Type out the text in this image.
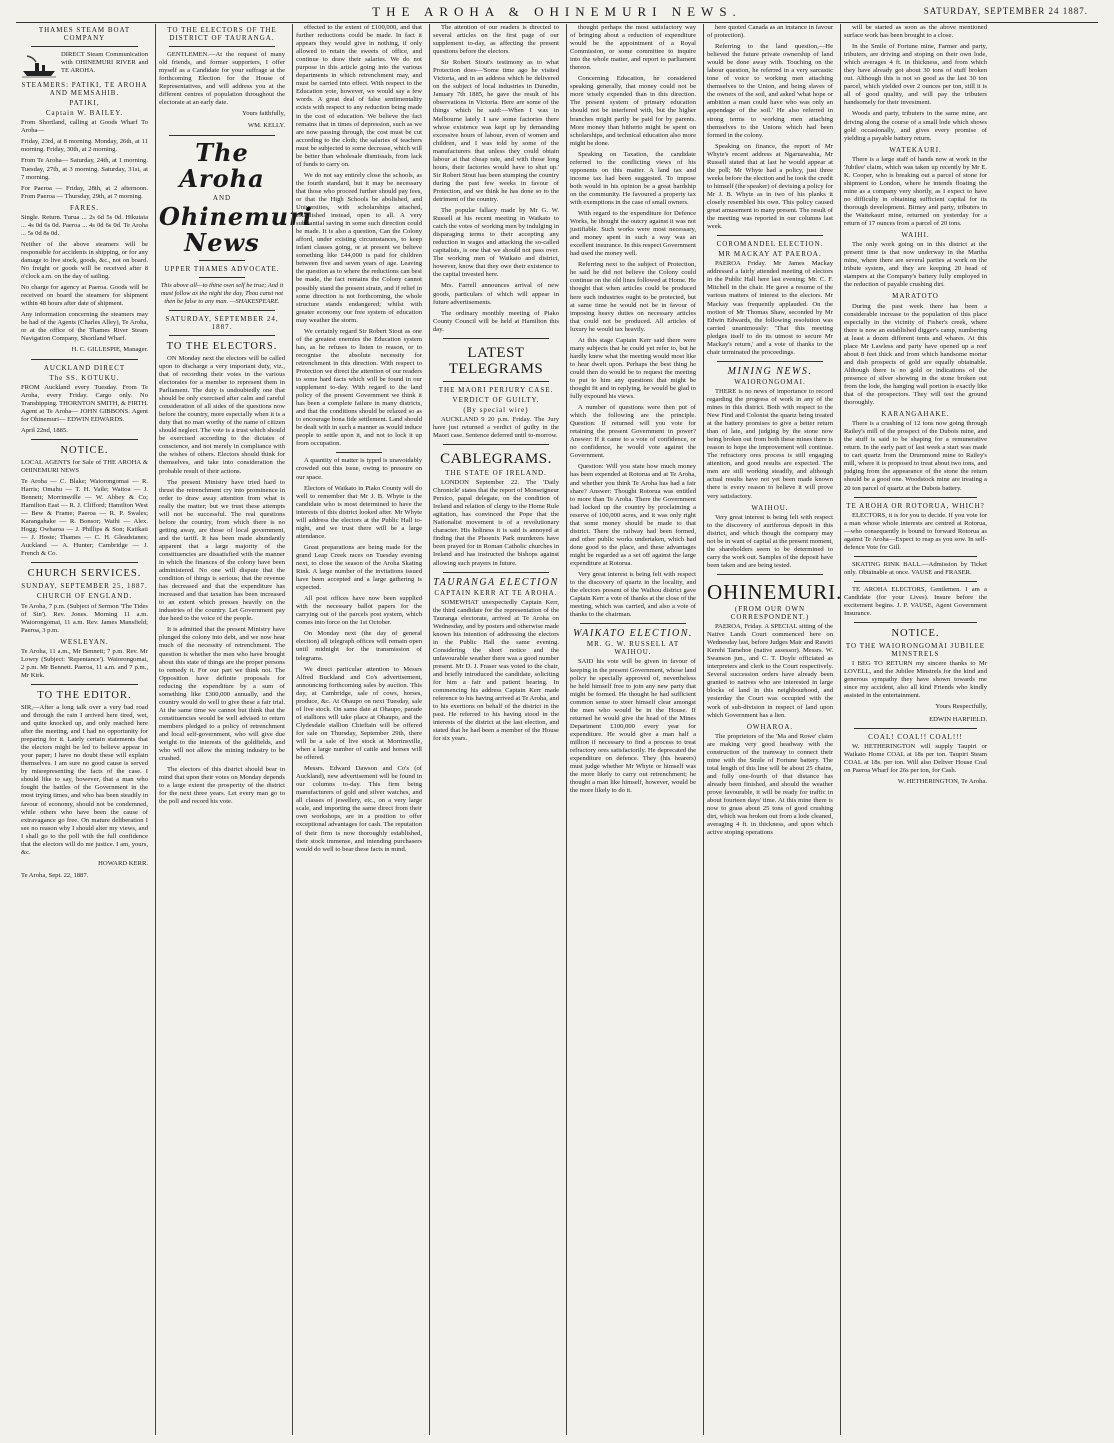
THE AROHA & OHINEMURI NEWS.	SATURDAY, SEPTEMBER 24 1887.
THAMES STEAM BOAT COMPANY

DIRECT Steam Communication with OHINEMURI RIVER and TE AROHA.

STEAMERS: PATIKI, TE AROHA AND MEMSAHIB.
PATIKI,
Captain W. BAILEY.

From Shortland, calling at Goods Wharf To Aroha—

Friday, 23rd, at 8 morning. Monday, 26th, at 11 morning. Friday, 30th, at 2 morning.

From Te Aroha— Saturday, 24th, at 1 morning. Tuesday, 27th, at 3 morning. Saturday, 31st, at 7 morning.

For Paeroa — Friday, 28th, at 2 afternoon. From Paeroa — Thursday, 29th, at 7 morning.

FARES.

Single. Return. Turua ... 2s 6d 5s 0d. Hikutaia ... 4s 0d 6s 0d. Paeroa ... 4s 0d 6s 0d. Te Aroha ... 5s 0d 8s 0d.

Neither of the above steamers will be responsible for accidents in shipping, or for any damage to live stock, goods, &c., not on board. No freight or goods will be received after 8 o'clock a.m. on the day of sailing.

No charge for agency at Paeroa. Goods will be received on board the steamers for shipment within 48 hours after date of shipment.

Any information concerning the steamers may be had of the Agents (Charles Alley), Te Aroha, or at the office of the Thames River Steam Navigation Company, Shortland Wharf.

H. C. GILLESPIE, Manager.
AUCKLAND DIRECT
The SS. KOTUKU.

FROM Auckland every Tuesday. From Te Aroha, every Friday. Cargo only. No Transhipping. THORNTON SMITH, & FIRTH. Agent at Te Aroha— JOHN GIBBONS. Agent for Ohinemuri— EDWIN EDWARDS.

April 22nd, 1885.

NOTICE.

LOCAL AGENTS for Sale of THE AROHA & OHINEMURI NEWS

Te Aroha — C. Blake; Waiorongomai — R. Harris; Omahu — T. H. Vaile; Waitoa — J. Bennett; Morrinsville — W. Abbey & Co; Hamilton East — R. J. Clifford; Hamilton West — Bew & Frame; Paeroa — R. P. Swales; Karangahake — R. Bonsor; Waihi — Alex. Hogg; Owharoa — J. Phillips & Son; Katikati — J. Hoste; Thames — C. H. Gleadstanes; Auckland — A. Hunter; Cambridge — J. French & Co.

CHURCH SERVICES.
SUNDAY, SEPTEMBER 25, 1887.
CHURCH OF ENGLAND.

Te Aroha, 7 p.m. (Subject of Sermon 'The Tides of Sin'). Rev. Jones. Morning 11 a.m. Waiorongomai, 11 a.m. Rev. James Mansfield; Paeroa, 3 p.m.

WESLEYAN.

Te Aroha, 11 a.m., Mr Bennett; 7 p.m. Rev. Mr Lowry (Subject: 'Repentance'). Waiorongomai, 2 p.m. Mr Bennett. Paeroa, 11 a.m. and 7 p.m., Mr Kirk.

TO THE EDITOR.

SIR,—After a long talk over a very bad road and through the rain I arrived here tired, wet, and quite knocked up, and only reached here after the meeting, and I had no opportunity for preparing for it. Lately certain statements that the electors might be led to believe appear in your paper; I have no doubt these will explain themselves. I am sure no good cause is served by misrepresenting the facts of the case. I should like to say, however, that a man who fought the battles of the Government in the most trying times, and who has been steadily in favour of economy, should not be condemned, while others who have been the cause of extravagance go free. On mature deliberation I see no reason why I should alter my views, and I shall go to the poll with the full confidence that the electors will do me justice. I am, yours, &c.

HOWARD KERR.

Te Aroha, Sept. 22, 1887.

TO THE ELECTORS OF THE DISTRICT OF TAURANGA.

GENTLEMEN.—At the request of many old friends, and former supporters, I offer myself as a Candidate for your suffrage at the forthcoming Election for the House of Representatives, and will address you at the different centres of population throughout the electorate at an early date.

Yours faithfully,
WM. KELLY.
The Aroha
AND
Ohinemuri News
UPPER THAMES ADVOCATE.
This above all—to thine own self be true; And it must follow as the night the day, Thou canst not then be false to any man. —SHAKESPEARE.
SATURDAY, SEPTEMBER 24, 1887.
TO THE ELECTORS.

ON Monday next the electors will be called upon to discharge a very important duty, viz., that of recording their votes in the various electorates for a member to represent them in Parliament. The duty is undoubtedly one that should be only exercised after calm and careful consideration of all sides of the questions now before the country, more especially when it is a duty that no man worthy of the name of citizen should neglect. The vote is a trust which should be exercised according to the dictates of conscience, and not merely in compliance with the wishes of others. Electors should think for themselves, and take into consideration the probable result of their actions.

The present Ministry have tried hard to thrust the retrenchment cry into prominence in order to draw away attention from what is really the matter; but we trust these attempts will not be successful. The real questions before the country, from which there is no getting away, are those of local government, and the tariff. It has been made abundantly apparent that a large majority of the constituencies are dissatisfied with the manner in which the finances of the colony have been administered. No one will dispute that the condition of things is serious; that the revenue has decreased and that the expenditure has increased and that taxation has been increased to an extent which presses heavily on the industries of the country. Let Government pay due heed to the voice of the people.

It is admitted that the present Ministry have plunged the colony into debt, and we now hear much of the necessity of retrenchment. The question is whether the men who have brought about this state of things are the proper persons to remedy it. For our part we think not. The Opposition have definite proposals for reducing the expenditure by a sum of something like £300,000 annually, and the country would do well to give these a fair trial. At the same time we cannot but think that the constituencies would be well advised to return members pledged to a policy of retrenchment and local self-government, who will give due weight to the interests of the goldfields, and who will not allow the mining industry to be crushed.

The electors of this district should bear in mind that upon their votes on Monday depends to a large extent the prosperity of the district for the next three years. Let every man go to the poll and record his vote.

effected to the extent of £100,000, and that further reductions could be made. In fact it appears they would give in nothing, if only allowed to retain the sweets of office, and continue to draw their salaries. We do not purpose in this article going into the various departments in which retrenchment may, and must be carried into effect. With respect to the Education vote, however, we would say a few words. A great deal of false sentimentality exists with respect to any reduction being made in the cost of education. We believe the fact remains that in times of depression, such as we are now passing through, the cost must be cut according to the cloth; the salaries of teachers must be subjected to some decrease, which will be better than wholesale dismissals, from lack of funds to carry on.

We do not say entirely close the schools, as the fourth standard, but it may be necessary that those who proceed further should pay fees, or that the High Schools be abolished, and Universities, with scholarships attached, established instead, open to all. A very substantial saving in some such direction could be made. It is also a question, Can the Colony afford, under existing circumstances, to keep infant classes going, or at present we believe something like £44,000 is paid for children between five and seven years of age. Leaving the question as to where the reductions can best be made, the fact remains the Colony cannot possibly stand the present strain, and if relief in some direction is not forthcoming, the whole structure stands endangered; whilst with greater economy our free system of education may weather the storm.

We certainly regard Sir Robert Stout as one of the greatest enemies the Education system has, as he refuses to listen to reason, or to recognise the absolute necessity for retrenchment in this direction. With respect to Protection we direct the attention of our readers to some hard facts which will be found in our supplement to-day. With regard to the land policy of the present Government we think it has been a complete failure in many districts, and that the conditions should be relaxed so as to encourage bona fide settlement. Land should be dealt with in such a manner as would induce people to settle upon it, and not to lock it up from occupation.

A quantity of matter is typed is unavoidably crowded out this issue, owing to pressure on our space.

Electors of Waikato in Piako County will do well to remember that Mr J. B. Whyte is the candidate who is most determined to have the interests of this district looked after. Mr Whyte will address the electors at the Public Hall to-night, and we trust there will be a large attendance.

Great preparations are being made for the grand Leap Creek races on Tuesday evening next, to close the season of the Aroha Skating Rink. A large number of the invitations issued have been accepted and a large gathering is expected.

All post offices have now been supplied with the necessary ballot papers for the carrying out of the parcels post system, which comes into force on the 1st October.

On Monday next (the day of general election) all telegraph offices will remain open until midnight for the transmission of telegrams.

We direct particular attention to Messrs Alfred Buckland and Co's advertisement, announcing forthcoming sales by auction. This day, at Cambridge, sale of cows, horses, produce, &c. At Ohaupo on next Tuesday, sale of live stock. On same date at Ohaupo, parade of stallions will take place at Ohaupo, and the Clydesdale stallion Chieftain will be offered for sale on Thursday, September 29th, there will be a sale of live stock at Morrinsville, when a large number of cattle and horses will be offered.

Messrs. Edward Dawson and Co's (of Auckland), new advertisement will be found in our columns to-day. This firm being manufacturers of gold and silver watches, and all classes of jewellery, etc., on a very large scale, and importing the same direct from their own workshops, are in a position to offer exceptional advantages for cash. The reputation of their firm is now thoroughly established, their stock immense, and intending purchasers would do well to bear these facts in mind.

The attention of our readers is directed to several articles on the first page of our supplement to-day, as affecting the present questions before the electors.

Sir Robert Stout's testimony as to what Protection does—'Some time ago he visited Victoria, and in an address which he delivered on the subject of local industries in Dunedin, January 7th 1885, he gave the result of his observations in Victoria. Here are some of the things which he said:—When I was in Melbourne lately I saw some factories there whose existence was kept up by demanding excessive hours of labour, even of women and children, and I was told by some of the manufacturers that unless they could obtain labour at that cheap rate, and with those long hours, their factories would have to shut up.' Sir Robert Stout has been stumping the country during the past few weeks in favour of Protection, and we think he has done so to the detriment of the country.

The popular fallacy made by Mr G. W. Russell at his recent meeting in Waikato to catch the votes of working men by indulging in disparaging terms to their accepting any reduction in wages and attacking the so-called capitalists, is one that we should not pass over. The working men of Waikato and district, however, know that they owe their existence to the capital invested here.

Mrs. Farrell announces arrival of new goods, particulars of which will appear in future advertisements.

The ordinary monthly meeting of Piako County Council will be held at Hamilton this day.

LATEST TELEGRAMS
THE MAORI PERJURY CASE.
VERDICT OF GUILTY.
(By special wire)

AUCKLAND 9 20 p.m. Friday. The Jury have just returned a verdict of guilty in the Maori case. Sentence deferred until to-morrow.

CABLEGRAMS.
THE STATE OF IRELAND.

LONDON September 22. The 'Daily Chronicle' states that the report of Monseigneur Persico, papal delegate, on the condition of Ireland and relation of clergy to the Home Rule agitation, has convinced the Pope that the Nationalist movement is of a revolutionary character. His holiness it is said is annoyed at finding that the Phoenix Park murderers have been prayed for in Roman Catholic churches in Ireland and has instructed the bishops against allowing such prayers in future.

TAURANGA ELECTION
CAPTAIN KERR AT TE AROHA.

SOMEWHAT unexpectedly Captain Kerr, the third candidate for the representation of the Tauranga electorate, arrived at Te Aroha on Wednesday, and by posters and otherwise made known his intention of addressing the electors in the Public Hall the same evening. Considering the short notice and the unfavourable weather there was a good number present. Mr D. J. Fraser was voted to the chair, and briefly introduced the candidate, soliciting for him a fair and patient hearing. In commencing his address Captain Kerr made reference to his having arrived at Te Aroha, and to his exertions on behalf of the district in the past. He referred to his having stood in the interests of the district at the last election, and stated that he had been a member of the House for six years.

thought perhaps the most satisfactory way of bringing about a reduction of expenditure would be the appointment of a Royal Commission, or some committee to inquire into the whole matter, and report to parliament thereon.

Concerning Education, he considered speaking generally, that money could not be more wisely expended than in this direction. The present system of primary education should not be interfered with, but the higher branches might partly be paid for by parents. More money than hitherto might be spent on scholarships, and technical education also more might be done.

Speaking on Taxation, the candidate referred to the conflicting views of his opponents on this matter. A land tax and income tax had been suggested. To impose both would in his opinion be a great hardship on the community. He favoured a property tax with exemptions in the case of small owners.

With regard to the expenditure for Defence Works, he thought the outcry against it was not justifiable. Such works were most necessary, and money spent in such a way was an excellent insurance. In this respect Government had used the money well.

Referring next to the subject of Protection, he said he did not believe the Colony could continue on the old lines followed at Home. He thought that when articles could be produced here such industries ought to be protected, but at same time he would not be in favour of imposing heavy duties on necessary articles that could not be produced. All articles of luxury he would tax heavily.

At this stage Captain Kerr said there were many subjects that he could yet refer to, but he hardly knew what the meeting would most like to hear dwelt upon. Perhaps the best thing he could then do would be to request the meeting to put to him any questions that might be thought fit and in replying, he would be glad to fully expound his views.

A number of questions were then put of which the following are the principle. Question: If returned will you vote for retaining the present Government in power? Answer: If it came to a vote of confidence, or no confidence, he would vote against the Government.

Question: Will you state how much money has been expended at Rotorua and at Te Aroha, and whether you think Te Aroha has had a fair share? Answer: Thought Rotorua was entitled to more than Te Aroha. There the Government had locked up the country by proclaiming a reserve of 100,000 acres, and it was only right that some money should be made to that district. There the railway had been formed, and other public works undertaken, which had done good to the place, and these advantages might be regarded as a set off against the large expenditure at Rotorua.

Very great interest is being felt with respect to the discovery of quartz in the locality, and the electors present of the Waihou district gave Captain Kerr a vote of thanks at the close of the meeting, which was carried, and also a vote of thanks to the chairman.

WAIKATO ELECTION.
MR. G. W. RUSSELL AT WAIHOU.

SAID his vote will be given in favour of keeping in the present Government, whose land policy he specially approved of, nevertheless he held himself free to join any new party that might be formed. He thought he had sufficient common sense to steer himself clear amongst the men who would be in the House. If returned he would give the head of the Mines Department £100,000 every year for expenditure. He would give a man half a million if necessary to find a process to treat refractory ores satisfactorily. He deprecated the expenditure on defence. They (his hearers) must judge whether Mr Whyte or himself was the more likely to carry out retrenchment; he thought a man like himself, however, would be the more likely to do it.

here quoted Canada as an instance in favour of protection).

Referring to the land question,—He believed the future private ownership of land would be done away with. Touching on the labour question, he referred in a very sarcastic tone of voice to working men attaching themselves to the Union, and being slaves of the owners of the soil, and asked 'what hope or ambition a man could have who was only an appendage of the soil.' He also referred in strong terms to working men attaching themselves to the Unions which had been formed in the colony.

Speaking on finance, the report of Mr Whyte's recent address at Ngaruawahia, Mr Russell stated that at last he would appear at the poll; Mr Whyte had a policy, just three weeks before the election and he took the credit to himself (the speaker) of devising a policy for Mr J. B. Whyte as in two of his planks it closely resembled his own. This policy caused great amusement to many present. The result of the meeting was reported in our columns last week.

COROMANDEL ELECTION.
MR MACKAY AT PAEROA.

PAEROA Friday. Mr James Mackay addressed a fairly attended meeting of electors in the Public Hall here last evening; Mr. C. F. Mitchell in the chair. He gave a resume of the various matters of interest to the electors. Mr Mackay was frequently applauded. On the motion of Mr Thomas Shaw, seconded by Mr Edwin Edwards, the following resolution was carried unanimously: 'That this meeting pledges itself to do its utmost to secure Mr Mackay's return,' and a vote of thanks to the chair terminated the proceedings.

MINING NEWS.
WAIORONGOMAI.

THERE is no news of importance to record regarding the progress of work in any of the mines in this district. Both with respect to the New Find and Colonist the quartz being treated at the battery promises to give a better return than of late, and judging by the stone now being broken out from both these mines there is reason to hope the improvement will continue. The refractory ores process is still engaging attention, and good results are expected. The men are still working steadily, and although actual results have not yet been made known there is every reason to believe it will prove very satisfactory.

WAIHOU.

Very great interest is being felt with respect to the discovery of auriferous deposit in this district, and which though the company may not be in want of capital at the present moment, the shareholders seem to be determined to carry the work out. Samples of the deposit have been taken and are being tested.

OHINEMURI.
(FROM OUR OWN CORRESPONDENT.)

PAEROA, Friday. A SPECIAL sitting of the Native Lands Court commenced here on Wednesday last, before Judges Mair and Rawiri Kerehi Tamehoe (native assessor). Messrs. W. Swanson jun., and C. T. Doyle officiated as interpreters and clerk to the Court respectively. Several succession orders have already been granted to natives who are interested in large blocks of land in this neighbourhood, and yesterday the Court was occupied with the work of sub-division in respect of land upon which Government has a lien.

OWHAROA.

The proprietors of the 'Ma and Rowe' claim are making very good headway with the construction of the tramway to connect their mine with the Smile of Fortune battery. The total length of this line will be about 25 chains, and fully one-fourth of that distance has already been finished, and should the weather prove favourable, it will be ready for traffic in about fourteen days' time. At this mine there is now to grass about 25 tons of good crushing dirt, which was broken out from a lode cleaned, averaging 4 ft. in thickness, and upon which active stoping operations

will be started as soon as the above mentioned surface work has been brought to a close.

In the Smile of Fortune mine, Farmer and party, tributers, are driving and stoping on their own lode, which averages 4 ft. in thickness, and from which they have already got about 30 tons of stuff broken out. Although this is not so good as the last 30 ton parcel, which yielded over 2 ounces per ton, still it is all of good quality, and will pay the tributers handsomely for their investment.

Woods and party, tributers in the same mine, are driving along the course of a small lode which shows gold occasionally, and gives every promise of yielding a payable battery return.

WATEKAURI.

There is a large staff of hands now at work in the 'Jubilee' claim, which was taken up recently by Mr E. K. Cooper, who is breaking out a parcel of stone for shipment to London, where he intends floating the mine as a company very shortly, as I expect to have no difficulty in obtaining sufficient capital for its thorough development. Birney and party, tributers in the Waitekauri mine, returned on yesterday for a return of 17 ounces from a parcel of 20 tons.

WAIHI.

The only work going on in this district at the present time is that now underway in the Martha mine, where there are several parties at work on the tribute system, and they are keeping 20 head of stampers at the Company's battery fully employed in the reduction of payable crushing dirt.

MARATOTO

During the past week there has been a considerable increase to the population of this place especially in the vicinity of Fisher's creek, where there is now an established digger's camp, numbering at least a dozen different tents and whares. At this place Mr Lawless and party have opened up a reef about 8 feet thick and from which handsome mortar and dish prospects of gold are equally obtainable. Although there is no gold or indications of the presence of silver showing in the stone broken out from the lode, the hanging wall portion is exactly like that of the prospectors. They will test the ground thoroughly.

KARANGAHAKE.

There is a crushing of 12 tons now going through Railey's mill of the prospect of the Dubois mine, and the stuff is said to be shaping for a remunerative return. In the early part of last week a start was made to cart quartz from the Drummond mine to Railey's mill, where it is proposed to treat about two tons, and judging from the appearance of the stone the return should be a good one. Woodstock mine are treating a 20 ton parcel of quartz at the Dubois battery.

TE AROHA OR ROTORUA, WHICH?

ELECTORS, it is for you to decide. If you vote for a man whose whole interests are centred at Rotorua,—who consequently is bound to forward Rotorua as against Te Aroha—Expect to reap as you sow. In self-defence Vote for Gill.

SKATING RINK BALL.—Admission by Ticket only. Obtainable at once. VAUSE and FRASER.

TE AROHA ELECTORS, Gentlemen. I am a Candidate (for your Lives). Insure before the excitement begins. J. P. VAUSE, Agent Government Insurance.

NOTICE.
TO THE WAIORONGOMAI JUBILEE MINSTRELS

I BEG TO RETURN my sincere thanks to Mr LOVELL, and the Jubilee Minstrels for the kind and generous sympathy they have shown towards me since my accident, also all kind Friends who kindly assisted in the entertainment.

Yours Respectfully,
EDWIN HARFIELD.
COAL! COAL!! COAL!!!

W. HETHERINGTON will supply Taupiri or Waikato Home COAL at 18s per ton. Taupiri Steam COAL at 18s. per ton. Will also Deliver House Coal on Paeroa Wharf for 26s per ton, for Cash.

W. HETHERINGTON, Te Aroha.
